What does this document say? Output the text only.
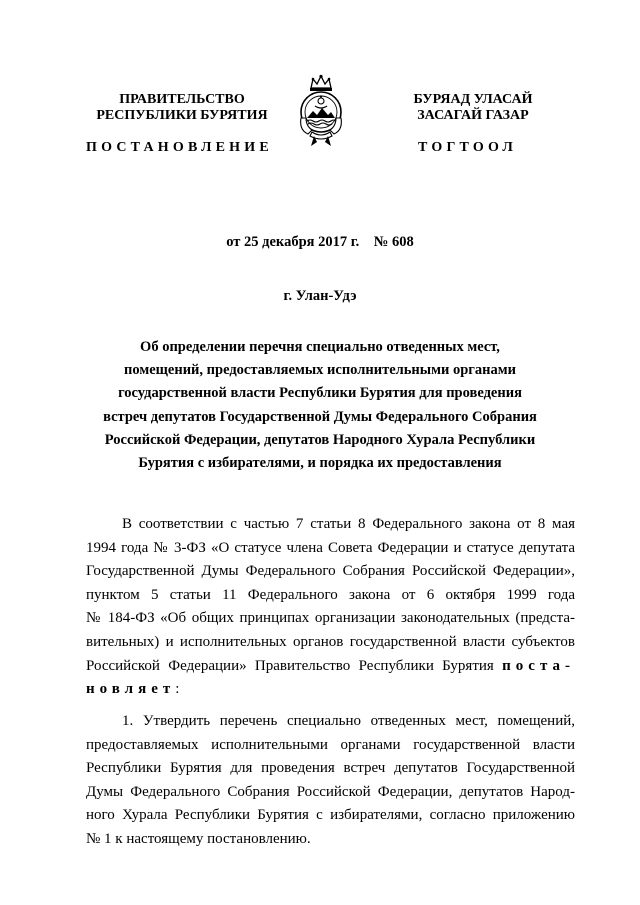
ПРАВИТЕЛЬСТВО
РЕСПУБЛИКИ БУРЯТИЯ
БУРЯАД УЛАСАЙ
ЗАСАГАЙ ГАЗАР
ПОСТАНОВЛЕНИЕ	ТОГТООЛ
от 25 декабря 2017 г.    № 608
г. Улан-Удэ
Об определении перечня специально отведенных мест,
помещений, предоставляемых исполнительными органами
государственной власти Республики Бурятия для проведения
встреч депутатов Государственной Думы Федерального Собрания
Российской Федерации, депутатов Народного Хурала Республики
Бурятия с избирателями, и порядка их предоставления
В соответствии с частью 7 статьи 8 Федерального закона от 8 мая
1994 года № 3-ФЗ «О статусе члена Совета Федерации и статусе депутата
Государственной Думы Федерального Собрания Российской Федерации»,
пунктом 5 статьи 11 Федерального закона от 6 октября 1999 года
№ 184-ФЗ «Об общих принципах организации законодательных (предста-
вительных) и исполнительных органов государственной власти субъектов
Российской Федерации» Правительство Республики Бурятия поста-
новляет:
1. Утвердить перечень специально отведенных мест, помещений,
предоставляемых исполнительными органами государственной власти
Республики Бурятия для проведения встреч депутатов Государственной
Думы Федерального Собрания Российской Федерации, депутатов Народ-
ного Хурала Республики Бурятия с избирателями, согласно приложению
№ 1 к настоящему постановлению.
